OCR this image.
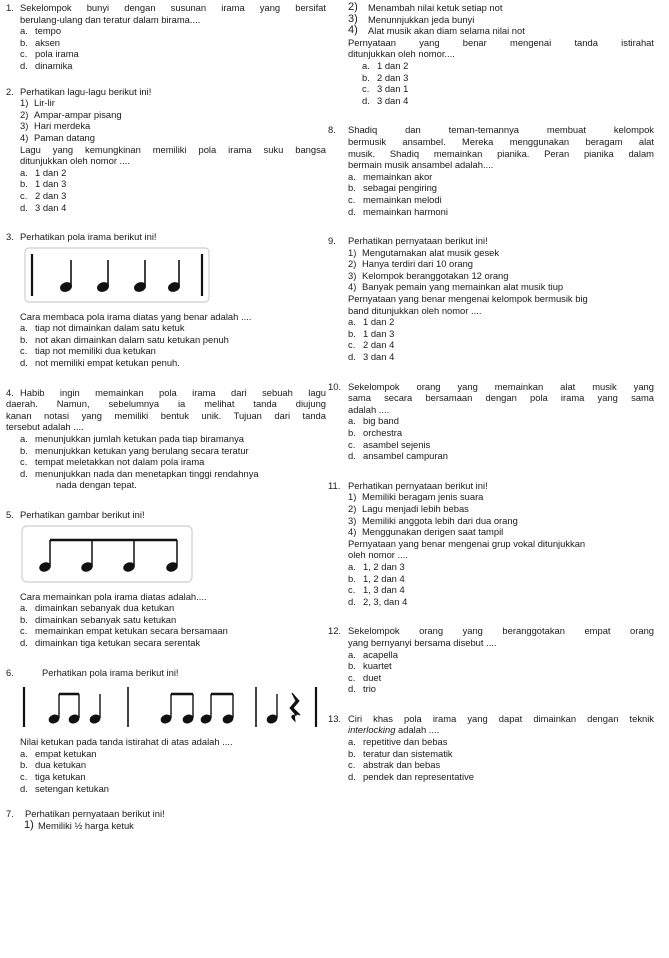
1. Sekelompok bunyi dengan susunan irama yang bersifat
berulang-ulang dan teratur dalam birama....
a. tempo
b. aksen
c. pola irama
d. dinamika
2. Perhatikan lagu-lagu berikut ini!
1) Lir-lir
2) Ampar-ampar pisang
3) Hari merdeka
4) Paman datang
Lagu yang kemungkinan memiliki pola irama suku bangsa
ditunjukkan oleh nomor ....
a. 1 dan 2
b. 1 dan 3
c. 2 dan 3
d. 3 dan 4
3. Perhatikan pola irama berikut ini!
Cara membaca pola irama diatas yang benar adalah ....
a. tiap not dimainkan dalam satu ketuk
b. not akan dimainkan dalam satu ketukan penuh
c. tiap not memiliki dua ketukan
d. not memiliki empat ketukan penuh.
4. Habib ingin memainkan pola irama dari sebuah lagu
daerah. Namun, sebelumnya ia melihat tanda diujung
kanan notasi yang memiliki bentuk unik. Tujuan dari tanda
tersebut adalah ....
a. menunjukkan jumlah ketukan pada tiap biramanya
b. menunjukkan ketukan yang berulang secara teratur
c. tempat meletakkan not dalam pola irama
d. menunjukkan nada dan menetapkan tinggi rendahnya
nada dengan tepat.
5. Perhatikan gambar berikut ini!
Cara memainkan pola irama diatas adalah....
a. dimainkan sebanyak dua ketukan
b. dimainkan sebanyak satu ketukan
c. memainkan empat ketukan secara bersamaan
d. dimainkan tiga ketukan secara serentak
6.	Perhatikan pola irama berikut ini!
Nilai ketukan pada tanda istirahat di atas adalah ....
a. empat ketukan
b. dua ketukan
c. tiga ketukan
d. setengan ketukan
7.	Perhatikan pernyataan berikut ini!
1) Memiliki ½ harga ketuk
2) Menambah nilai ketuk setiap not
3) Menunnjukkan jeda bunyi
4) Alat musik akan diam selama nilai not
Pernyataan yang benar mengenai tanda istirahat
ditunjukkan oleh nomor....
a. 1 dan 2
b. 2 dan 3
c. 3 dan 1
d. 3 dan 4
8. Shadiq dan teman-temannya membuat kelompok
bermusik ansambel. Mereka menggunakan beragam alat
musik. Shadiq memainkan pianika. Peran pianika dalam
bermain musik ansambel adalah....
a. memainkan akor
b. sebagai pengiring
c. memainkan melodi
d. memainkan harmoni
9. Perhatikan pernyataan berikut ini!
1) Mengutamakan alat musik gesek
2) Hanya terdiri dari 10 orang
3) Kelompok beranggotakan 12 orang
4) Banyak pemain yang memainkan alat musik tiup
Pernyataan yang benar mengenai kelompok bermusik big
band ditunjukkan oleh nomor ....
a. 1 dan 2
b. 1 dan 3
c. 2 dan 4
d. 3 dan 4
10. Sekelompok orang yang memainkan alat musik yang
sama secara bersamaan dengan pola irama yang sama
adalah ....
a. big band
b. orchestra
c. asambel sejenis
d. ansambel campuran
11. Perhatikan pernyataan berikut ini!
1) Memiliki beragam jenis suara
2) Lagu menjadi lebih bebas
3) Memiliki anggota lebih dari dua orang
4) Menggunakan derigen saat tampil
Pernyataan yang benar mengenai grup vokal ditunjukkan
oleh nomor ....
a. 1, 2 dan 3
b. 1, 2 dan 4
c. 1, 3 dan 4
d. 2, 3, dan 4
12. Sekelompok orang yang beranggotakan empat orang
yang bernyanyi bersama disebut ....
a. acapella
b. kuartet
c. duet
d. trio
13. Ciri khas pola irama yang dapat dimainkan dengan teknik
interlocking adalah ....
a. repetitive dan bebas
b. teratur dan sistematik
c. abstrak dan bebas
d. pendek dan representative
